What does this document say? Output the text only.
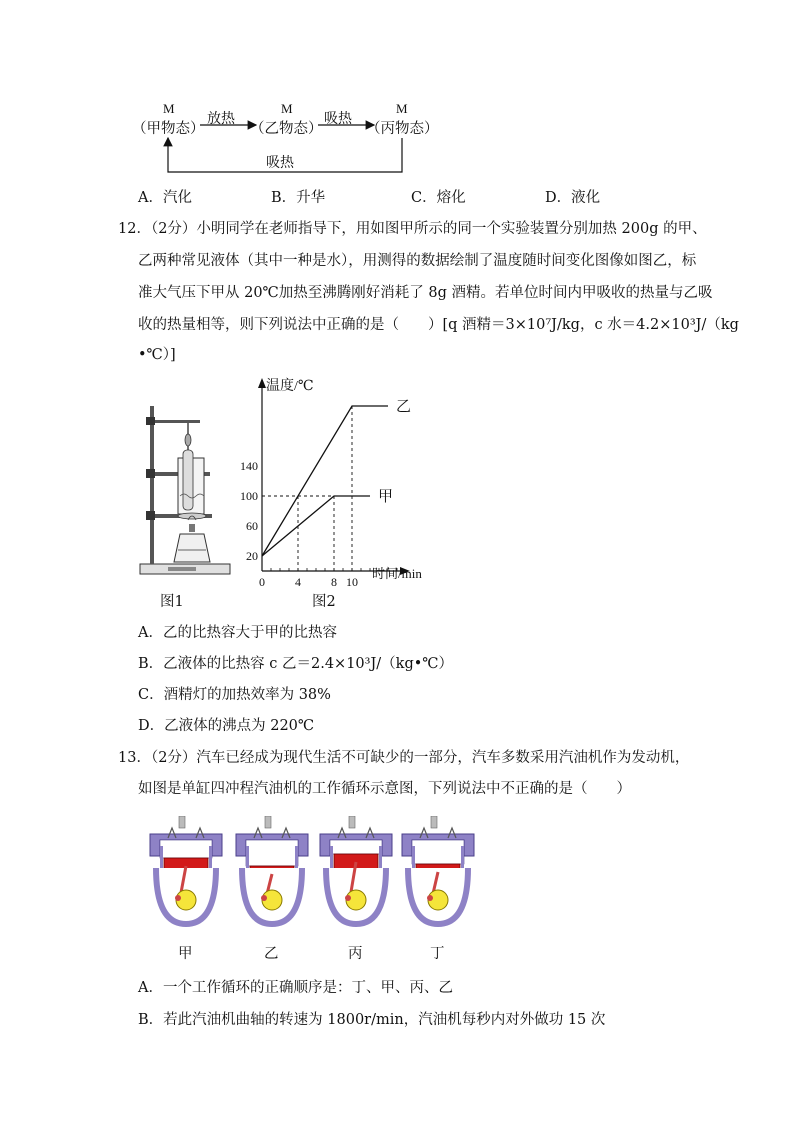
M
（甲物态）
放热
M
（乙物态）
吸热
M
（丙物态）
吸热
A．汽化	B．升华	C．熔化	D．液化
12．（2分）小明同学在老师指导下，用如图甲所示的同一个实验装置分别加热 200g 的甲、
乙两种常见液体（其中一种是水），用测得的数据绘制了温度随时间变化图像如图乙，标
准大气压下甲从 20℃加热至沸腾刚好消耗了 8g 酒精。若单位时间内甲吸收的热量与乙吸
收的热量相等，则下列说法中正确的是（　　）[q 酒精＝3×10⁷J/kg，c 水＝4.2×10³J/（kg
•℃）]
图1
温度/℃
时间/min
0	4	8 10
20
60
100
140
乙
甲
图2
A．乙的比热容大于甲的比热容
B．乙液体的比热容 c 乙＝2.4×10³J/（kg•℃）
C．酒精灯的加热效率为 38%
D．乙液体的沸点为 220℃
13．（2分）汽车已经成为现代生活不可缺少的一部分，汽车多数采用汽油机作为发动机，
如图是单缸四冲程汽油机的工作循环示意图，下列说法中不正确的是（　　）
甲	乙	丙	丁
A．一个工作循环的正确顺序是：丁、甲、丙、乙
B．若此汽油机曲轴的转速为 1800r/min，汽油机每秒内对外做功 15 次
